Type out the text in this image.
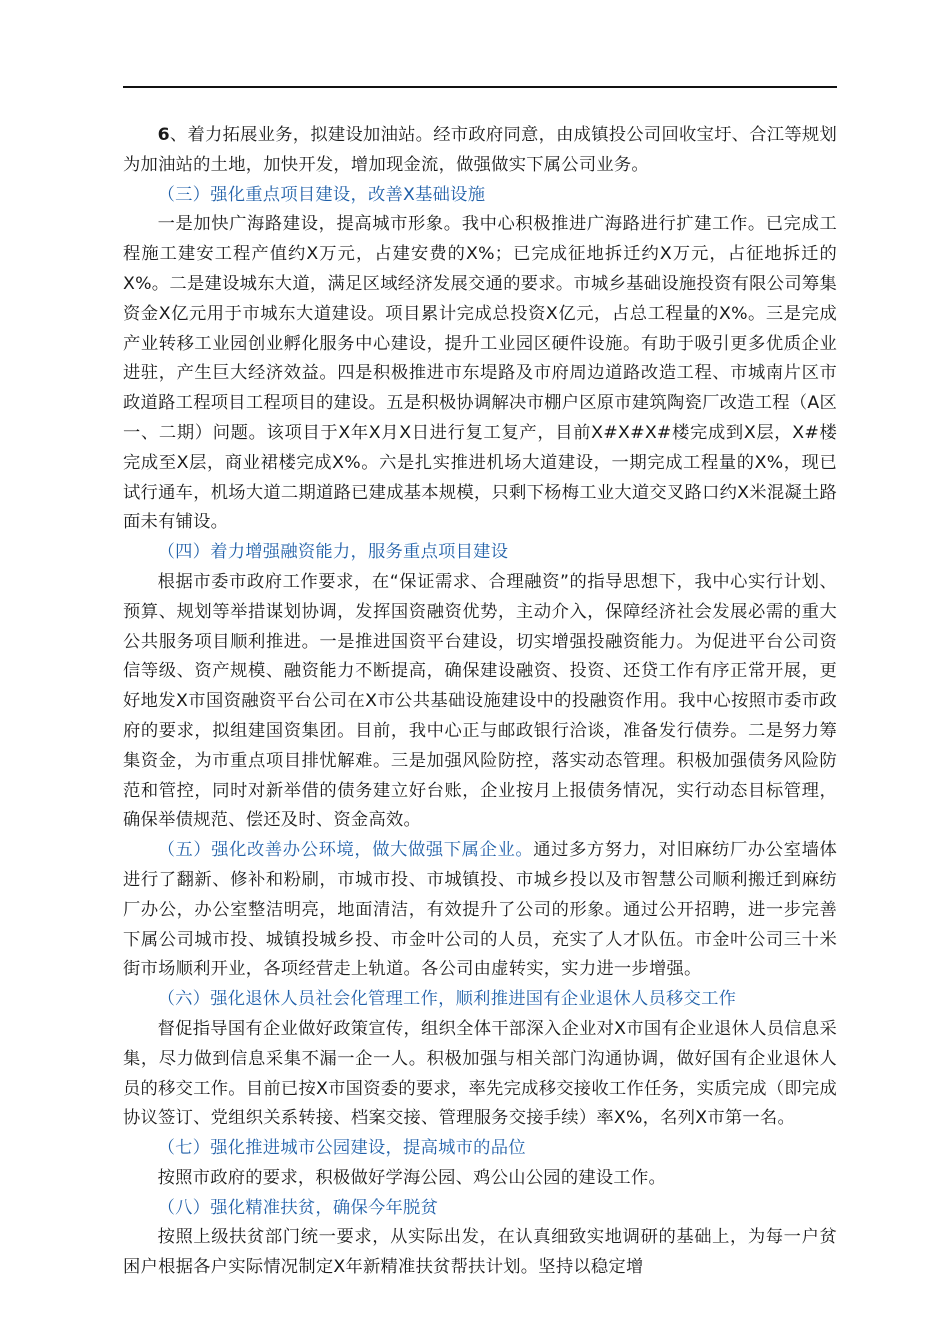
6、着力拓展业务，拟建设加油站。经市政府同意，由成镇投公司回收宝圩、合江等规划为加油站的土地，加快开发，增加现金流，做强做实下属公司业务。

（三）强化重点项目建设，改善X基础设施

一是加快广海路建设，提高城市形象。我中心积极推进广海路进行扩建工作。已完成工程施工建安工程产值约X万元，占建安费的X%；已完成征地拆迁约X万元，占征地拆迁的X%。二是建设城东大道，满足区域经济发展交通的要求。市城乡基础设施投资有限公司筹集资金X亿元用于市城东大道建设。项目累计完成总投资X亿元，占总工程量的X%。三是完成产业转移工业园创业孵化服务中心建设，提升工业园区硬件设施。有助于吸引更多优质企业进驻，产生巨大经济效益。四是积极推进市东堤路及市府周边道路改造工程、市城南片区市政道路工程项目工程项目的建设。五是积极协调解决市棚户区原市建筑陶瓷厂改造工程（A区一、二期）问题。该项目于X年X月X日进行复工复产，目前X#X#X#楼完成到X层，X#楼完成至X层，商业裙楼完成X%。六是扎实推进机场大道建设，一期完成工程量的X%，现已试行通车，机场大道二期道路已建成基本规模，只剩下杨梅工业大道交叉路口约X米混凝土路面未有铺设。

（四）着力增强融资能力，服务重点项目建设

根据市委市政府工作要求，在“保证需求、合理融资”的指导思想下，我中心实行计划、预算、规划等举措谋划协调，发挥国资融资优势，主动介入，保障经济社会发展必需的重大公共服务项目顺利推进。一是推进国资平台建设，切实增强投融资能力。为促进平台公司资信等级、资产规模、融资能力不断提高，确保建设融资、投资、还贷工作有序正常开展，更好地发X市国资融资平台公司在X市公共基础设施建设中的投融资作用。我中心按照市委市政府的要求，拟组建国资集团。目前，我中心正与邮政银行洽谈，准备发行债券。二是努力筹集资金，为市重点项目排忧解难。三是加强风险防控，落实动态管理。积极加强债务风险防范和管控，同时对新举借的债务建立好台账，企业按月上报债务情况，实行动态目标管理，确保举债规范、偿还及时、资金高效。

（五）强化改善办公环境，做大做强下属企业。通过多方努力，对旧麻纺厂办公室墙体进行了翻新、修补和粉刷，市城市投、市城镇投、市城乡投以及市智慧公司顺利搬迁到麻纺厂办公，办公室整洁明亮，地面清洁，有效提升了公司的形象。通过公开招聘，进一步完善下属公司城市投、城镇投城乡投、市金叶公司的人员，充实了人才队伍。市金叶公司三十米街市场顺利开业，各项经营走上轨道。各公司由虚转实，实力进一步增强。

（六）强化退休人员社会化管理工作，顺利推进国有企业退休人员移交工作

督促指导国有企业做好政策宣传，组织全体干部深入企业对X市国有企业退休人员信息采集，尽力做到信息采集不漏一企一人。积极加强与相关部门沟通协调，做好国有企业退休人员的移交工作。目前已按X市国资委的要求，率先完成移交接收工作任务，实质完成（即完成协议签订、党组织关系转接、档案交接、管理服务交接手续）率X%，名列X市第一名。

（七）强化推进城市公园建设，提高城市的品位

按照市政府的要求，积极做好学海公园、鸡公山公园的建设工作。

（八）强化精准扶贫，确保今年脱贫

按照上级扶贫部门统一要求，从实际出发，在认真细致实地调研的基础上，为每一户贫困户根据各户实际情况制定X年新精准扶贫帮扶计划。坚持以稳定增
